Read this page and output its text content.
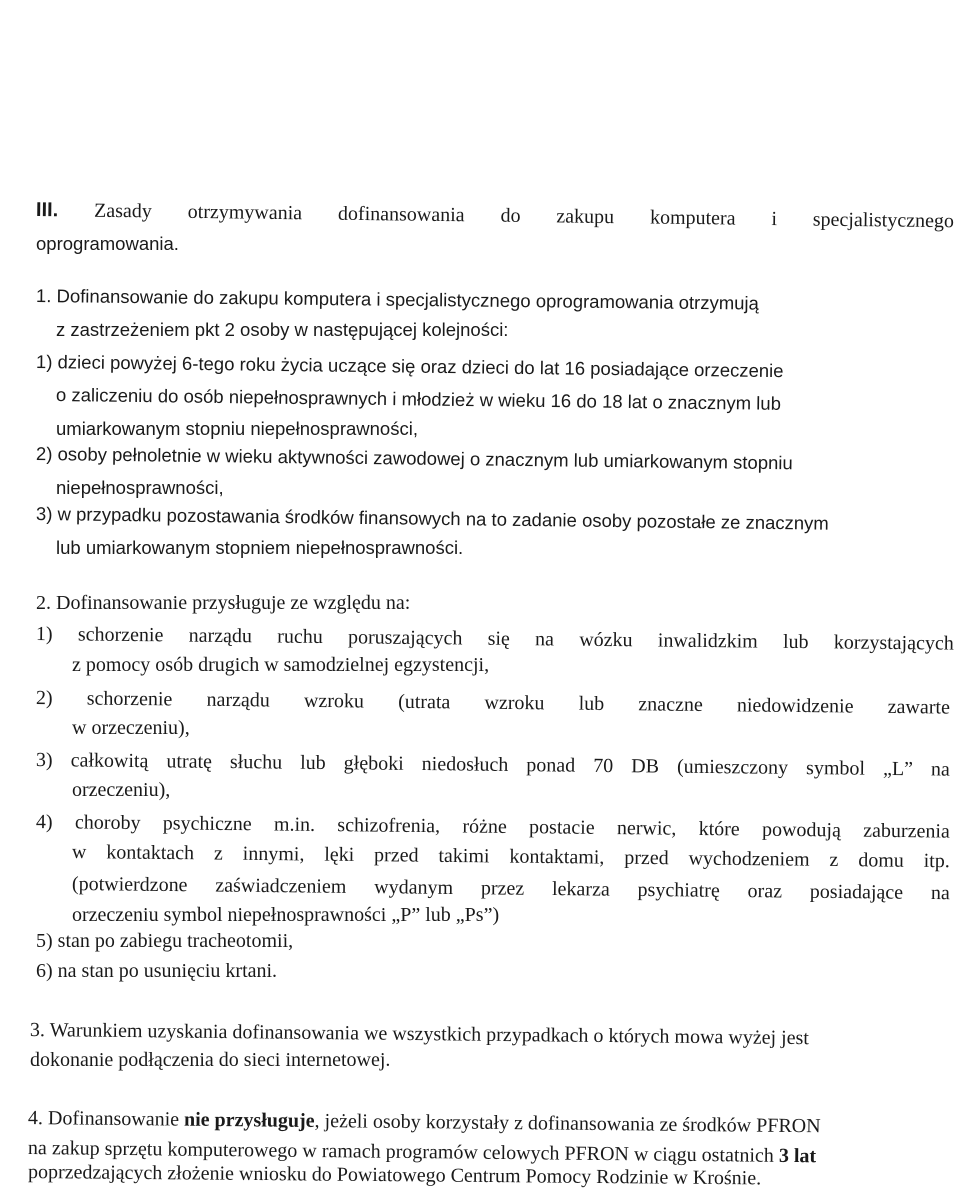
III. Zasady otrzymywania dofinansowania do zakupu komputera i specjalistycznego
oprogramowania.
1. Dofinansowanie do zakupu komputera i specjalistycznego oprogramowania otrzymują
z zastrzeżeniem pkt 2 osoby w następującej kolejności:
1) dzieci powyżej 6-tego roku życia uczące się oraz dzieci do lat 16 posiadające orzeczenie
o zaliczeniu do osób niepełnosprawnych i młodzież w wieku 16 do 18 lat o znacznym lub
umiarkowanym stopniu niepełnosprawności,
2) osoby pełnoletnie w wieku aktywności zawodowej o znacznym lub umiarkowanym stopniu
niepełnosprawności,
3) w przypadku pozostawania środków finansowych na to zadanie osoby pozostałe ze znacznym
lub umiarkowanym stopniem niepełnosprawności.
2. Dofinansowanie przysługuje ze względu na:
1) schorzenie narządu ruchu poruszających się na wózku inwalidzkim lub korzystających
z pomocy osób drugich w samodzielnej egzystencji,
2) schorzenie narządu wzroku (utrata wzroku lub znaczne niedowidzenie zawarte
w orzeczeniu),
3) całkowitą utratę słuchu lub głęboki niedosłuch ponad 70 DB (umieszczony symbol „L” na
orzeczeniu),
4) choroby psychiczne m.in. schizofrenia, różne postacie nerwic, które powodują zaburzenia
w kontaktach z innymi, lęki przed takimi kontaktami, przed wychodzeniem z domu itp.
(potwierdzone zaświadczeniem wydanym przez lekarza psychiatrę oraz posiadające na
orzeczeniu symbol niepełnosprawności „P” lub „Ps”)
5) stan po zabiegu tracheotomii,
6) na stan po usunięciu krtani.
3. Warunkiem uzyskania dofinansowania we wszystkich przypadkach o których mowa wyżej jest
dokonanie podłączenia do sieci internetowej.
4. Dofinansowanie nie przysługuje, jeżeli osoby korzystały z dofinansowania ze środków PFRON
na zakup sprzętu komputerowego w ramach programów celowych PFRON w ciągu ostatnich 3 lat
poprzedzających złożenie wniosku do Powiatowego Centrum Pomocy Rodzinie w Krośnie.
